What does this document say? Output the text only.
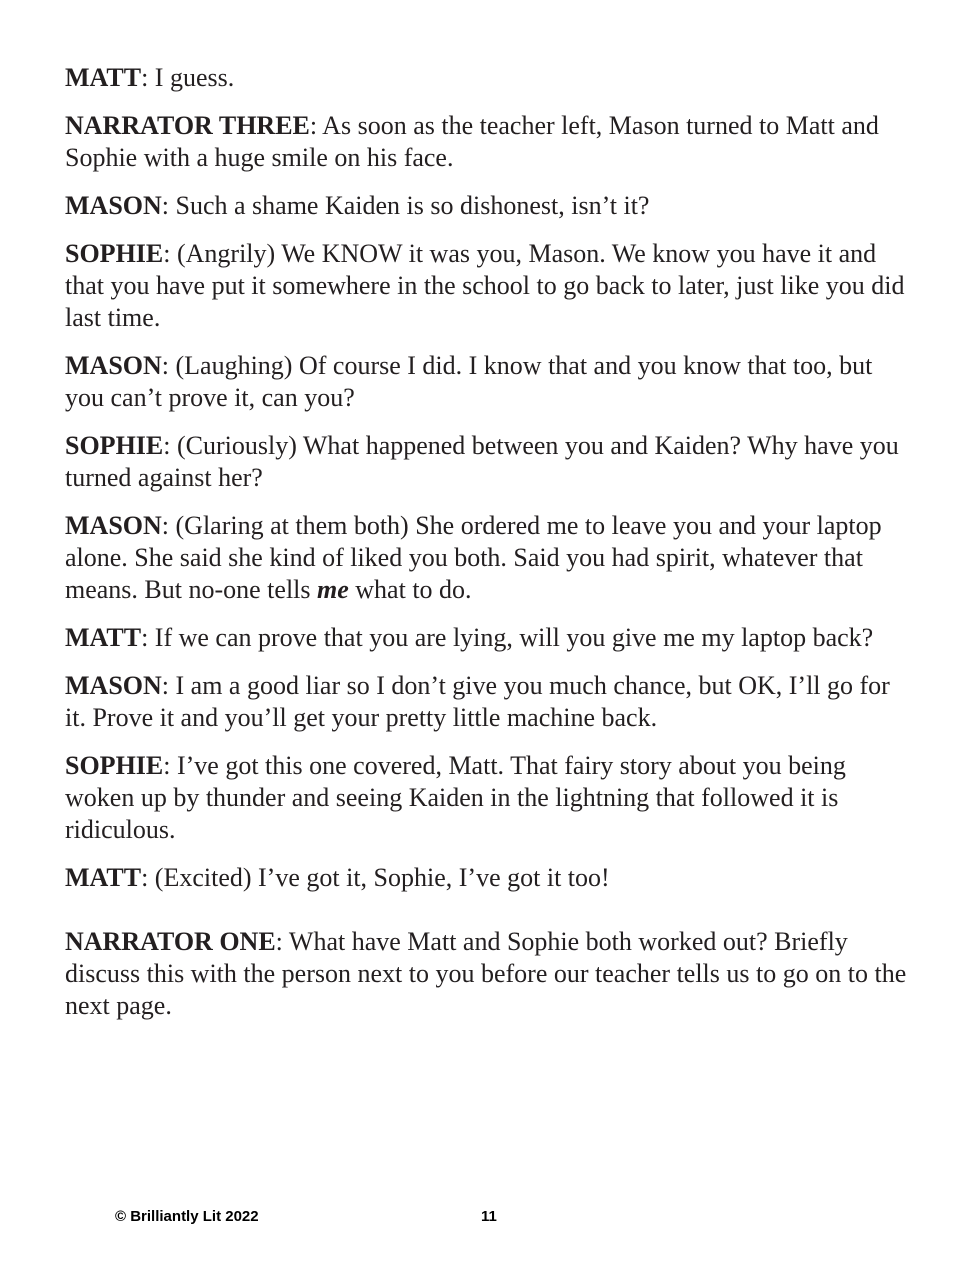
MATT: I guess.

NARRATOR THREE: As soon as the teacher left, Mason turned to Matt and Sophie with a huge smile on his face.

MASON: Such a shame Kaiden is so dishonest, isn’t it?

SOPHIE: (Angrily) We KNOW it was you, Mason. We know you have it and that you have put it somewhere in the school to go back to later, just like you did last time.

MASON: (Laughing) Of course I did. I know that and you know that too, but you can’t prove it, can you?

SOPHIE: (Curiously) What happened between you and Kaiden? Why have you turned against her?

MASON: (Glaring at them both) She ordered me to leave you and your laptop alone. She said she kind of liked you both. Said you had spirit, whatever that means. But no-one tells me what to do.

MATT: If we can prove that you are lying, will you give me my laptop back?

MASON: I am a good liar so I don’t give you much chance, but OK, I’ll go for it. Prove it and you’ll get your pretty little machine back.

SOPHIE: I’ve got this one covered, Matt. That fairy story about you being woken up by thunder and seeing Kaiden in the lightning that followed it is ridiculous.

MATT: (Excited) I’ve got it, Sophie, I’ve got it too!

NARRATOR ONE: What have Matt and Sophie both worked out? Briefly discuss this with the person next to you before our teacher tells us to go on to the next page.

© Brilliantly Lit 2022	11
